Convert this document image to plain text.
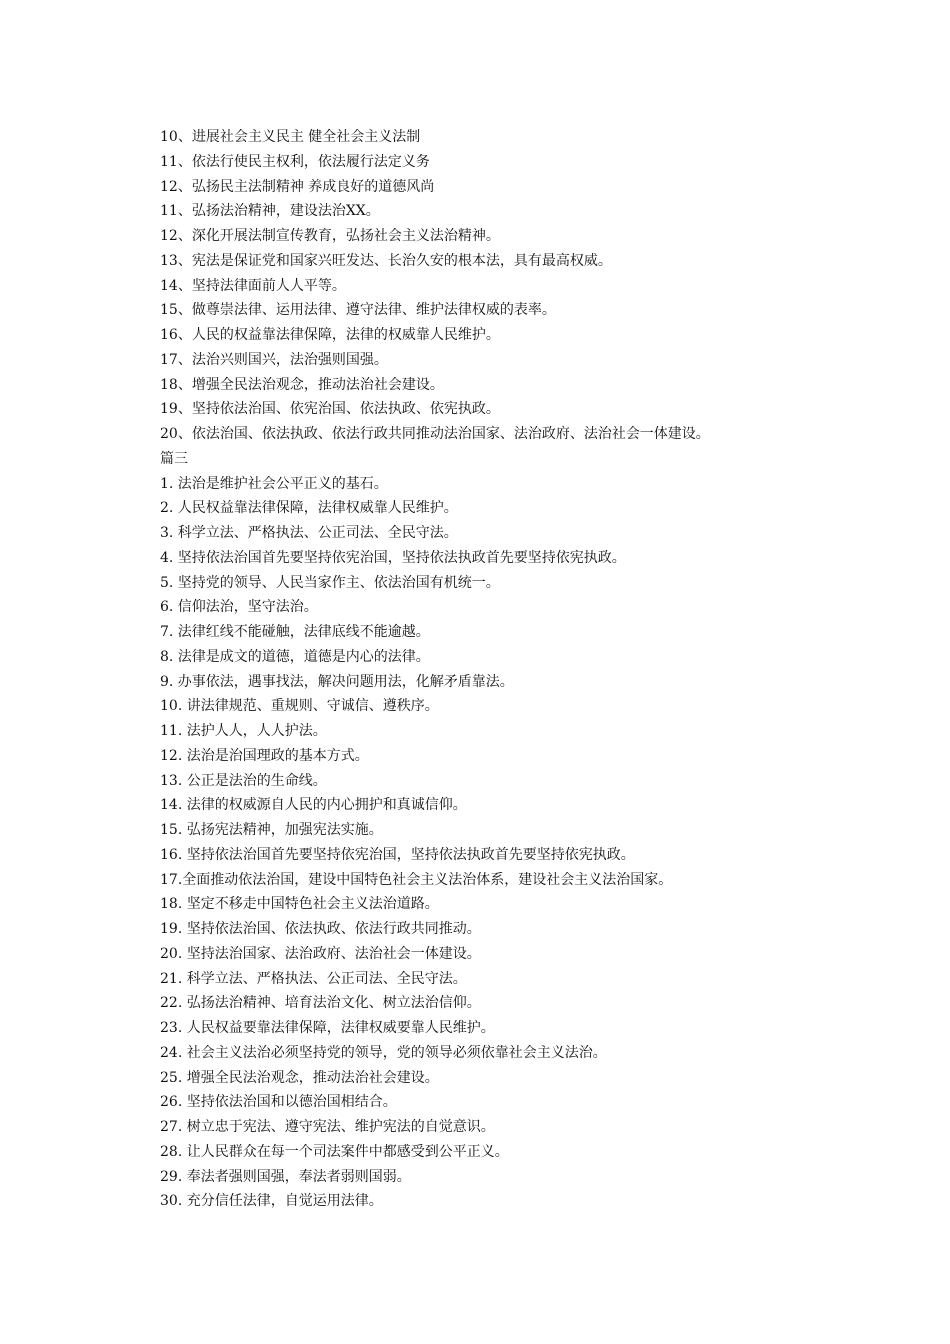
10、进展社会主义民主 健全社会主义法制
11、依法行使民主权利，依法履行法定义务
12、弘扬民主法制精神 养成良好的道德风尚
11、弘扬法治精神，建设法治XX。
12、深化开展法制宣传教育，弘扬社会主义法治精神。
13、宪法是保证党和国家兴旺发达、长治久安的根本法，具有最高权威。
14、坚持法律面前人人平等。
15、做尊崇法律、运用法律、遵守法律、维护法律权威的表率。
16、人民的权益靠法律保障，法律的权威靠人民维护。
17、法治兴则国兴，法治强则国强。
18、增强全民法治观念，推动法治社会建设。
19、坚持依法治国、依宪治国、依法执政、依宪执政。
20、依法治国、依法执政、依法行政共同推动法治国家、法治政府、法治社会一体建设。
篇三
1. 法治是维护社会公平正义的基石。
2. 人民权益靠法律保障，法律权威靠人民维护。
3. 科学立法、严格执法、公正司法、全民守法。
4. 坚持依法治国首先要坚持依宪治国，坚持依法执政首先要坚持依宪执政。
5. 坚持党的领导、人民当家作主、依法治国有机统一。
6. 信仰法治，坚守法治。
7. 法律红线不能碰触，法律底线不能逾越。
8. 法律是成文的道德，道德是内心的法律。
9. 办事依法，遇事找法，解决问题用法，化解矛盾靠法。
10. 讲法律规范、重规则、守诚信、遵秩序。
11. 法护人人，人人护法。
12. 法治是治国理政的基本方式。
13. 公正是法治的生命线。
14. 法律的权威源自人民的内心拥护和真诚信仰。
15. 弘扬宪法精神，加强宪法实施。
16. 坚持依法治国首先要坚持依宪治国，坚持依法执政首先要坚持依宪执政。
17.全面推动依法治国，建设中国特色社会主义法治体系，建设社会主义法治国家。
18. 坚定不移走中国特色社会主义法治道路。
19. 坚持依法治国、依法执政、依法行政共同推动。
20. 坚持法治国家、法治政府、法治社会一体建设。
21. 科学立法、严格执法、公正司法、全民守法。
22. 弘扬法治精神、培育法治文化、树立法治信仰。
23. 人民权益要靠法律保障，法律权威要靠人民维护。
24. 社会主义法治必须坚持党的领导，党的领导必须依靠社会主义法治。
25. 增强全民法治观念，推动法治社会建设。
26. 坚持依法治国和以德治国相结合。
27. 树立忠于宪法、遵守宪法、维护宪法的自觉意识。
28. 让人民群众在每一个司法案件中都感受到公平正义。
29. 奉法者强则国强，奉法者弱则国弱。
30. 充分信任法律，自觉运用法律。
